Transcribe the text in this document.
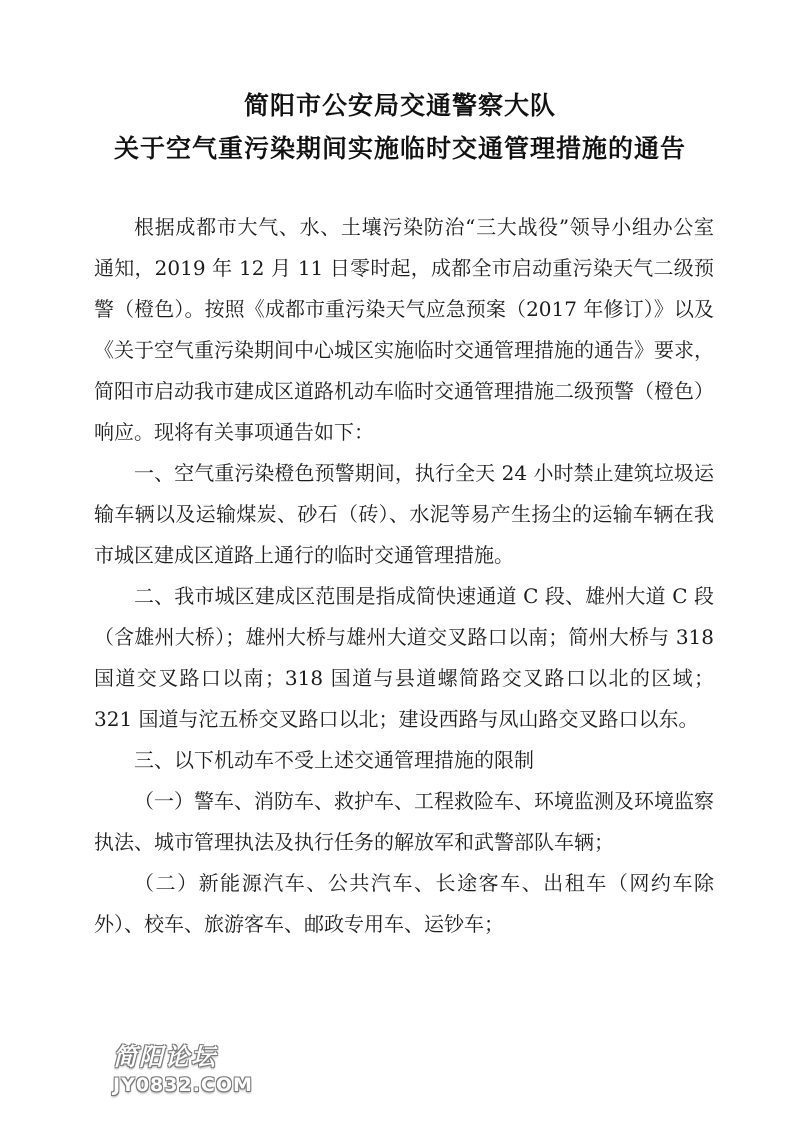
简阳市公安局交通警察大队
关于空气重污染期间实施临时交通管理措施的通告

根据成都市大气、水、土壤污染防治“三大战役”领导小组办公室通知，2019 年 12 月 11 日零时起，成都全市启动重污染天气二级预警（橙色）。按照《成都市重污染天气应急预案（2017 年修订）》以及《关于空气重污染期间中心城区实施临时交通管理措施的通告》要求，简阳市启动我市建成区道路机动车临时交通管理措施二级预警（橙色）响应。现将有关事项通告如下：

一、空气重污染橙色预警期间，执行全天 24 小时禁止建筑垃圾运输车辆以及运输煤炭、砂石（砖）、水泥等易产生扬尘的运输车辆在我市城区建成区道路上通行的临时交通管理措施。

二、我市城区建成区范围是指成简快速通道 C 段、雄州大道 C 段（含雄州大桥）；雄州大桥与雄州大道交叉路口以南；简州大桥与 318 国道交叉路口以南；318 国道与县道螺简路交叉路口以北的区域；321 国道与沱五桥交叉路口以北；建设西路与凤山路交叉路口以东。

三、以下机动车不受上述交通管理措施的限制

（一）警车、消防车、救护车、工程救险车、环境监测及环境监察执法、城市管理执法及执行任务的解放军和武警部队车辆；

（二）新能源汽车、公共汽车、长途客车、出租车（网约车除外）、校车、旅游客车、邮政专用车、运钞车；

简阳论坛
JY0832.COM
